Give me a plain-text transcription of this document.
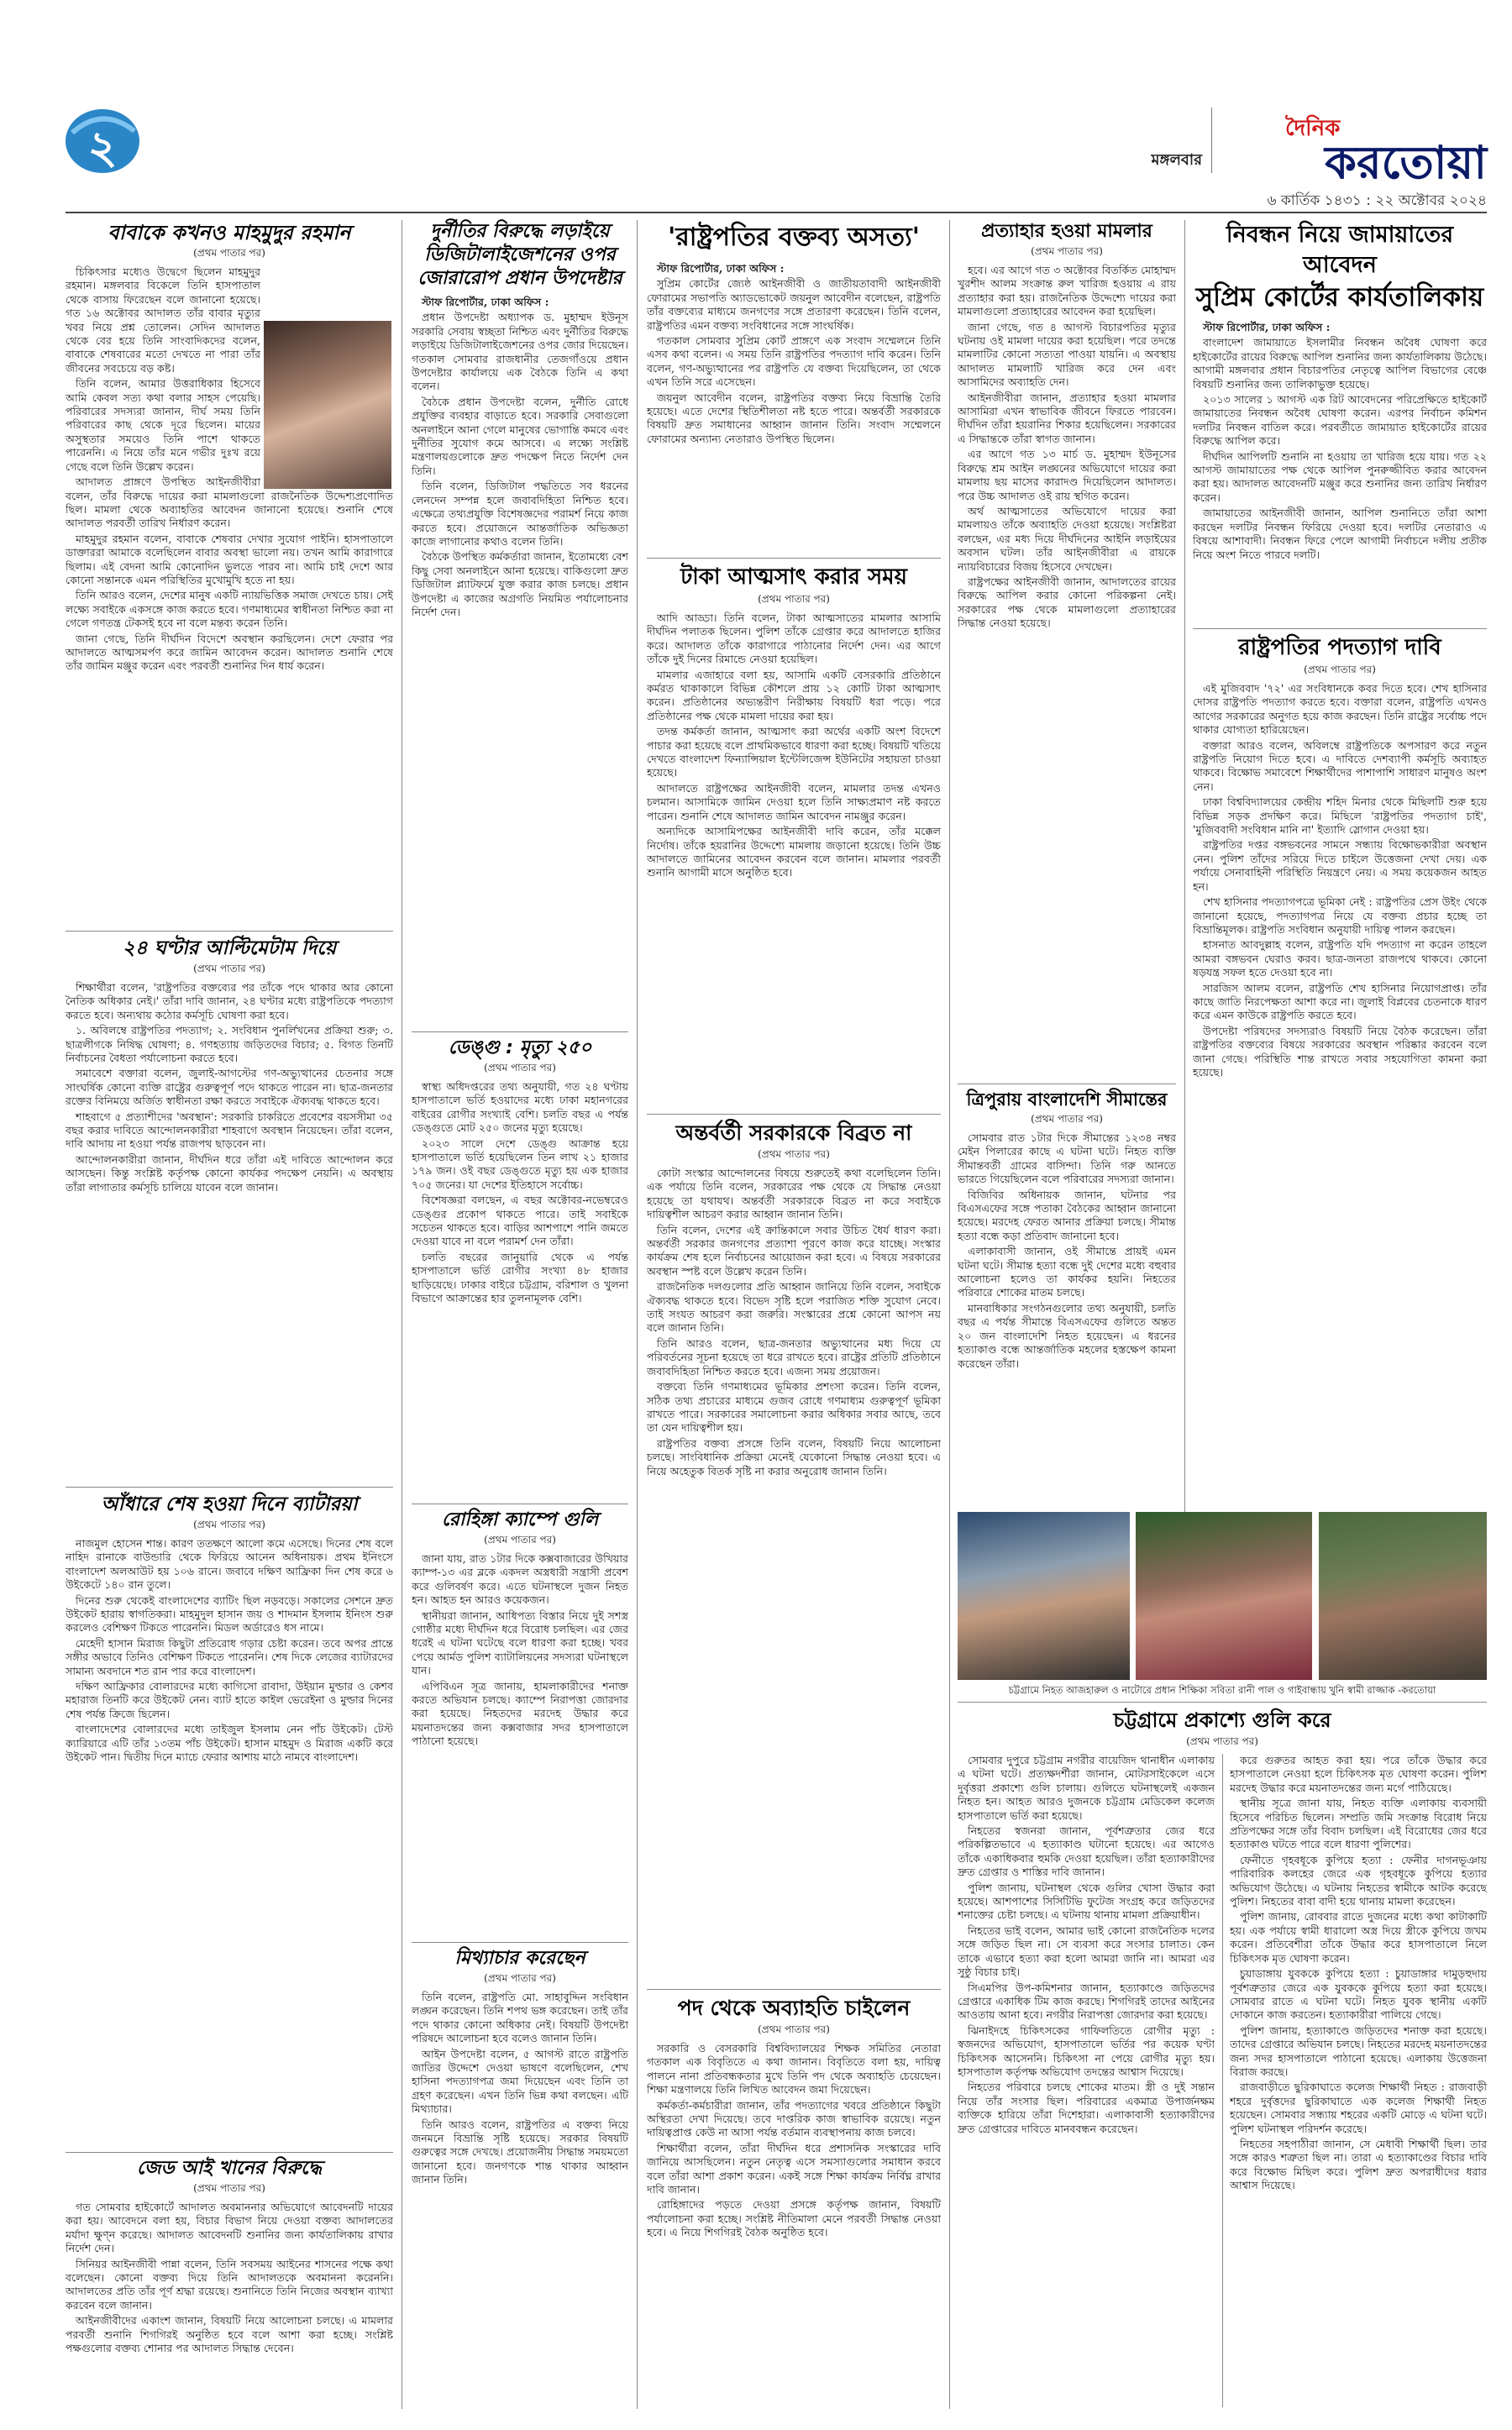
২	মঙ্গলবার
দৈনিক
করতোয়া
৬ কার্তিক ১৪৩১ : ২২ অক্টোবর ২০২৪
বাবাকে কখনও মাহমুদুর রহমান
(প্রথম পাতার পর)

চিকিৎসার মধ্যেও উদ্বেগে ছিলেন মাহমুদুর রহমান। মঙ্গলবার বিকেলে তিনি হাসপাতাল থেকে বাসায় ফিরেছেন বলে জানানো হয়েছে। গত ১৬ অক্টোবর আদালত তাঁর বাবার মৃত্যুর খবর নিয়ে প্রশ্ন তোলেন। সেদিন আদালত থেকে বের হয়ে তিনি সাংবাদিকদের বলেন, বাবাকে শেষবারের মতো দেখতে না পারা তাঁর জীবনের সবচেয়ে বড় কষ্ট।

তিনি বলেন, আমার উত্তরাধিকার হিসেবে আমি কেবল সত্য কথা বলার সাহস পেয়েছি। পরিবারের সদস্যরা জানান, দীর্ঘ সময় তিনি পরিবারের কাছ থেকে দূরে ছিলেন। মায়ের অসুস্থতার সময়েও তিনি পাশে থাকতে পারেননি। এ নিয়ে তাঁর মনে গভীর দুঃখ রয়ে গেছে বলে তিনি উল্লেখ করেন।

আদালত প্রাঙ্গণে উপস্থিত আইনজীবীরা বলেন, তাঁর বিরুদ্ধে দায়ের করা মামলাগুলো রাজনৈতিক উদ্দেশ্যপ্রণোদিত ছিল। মামলা থেকে অব্যাহতির আবেদন জানানো হয়েছে। শুনানি শেষে আদালত পরবর্তী তারিখ নির্ধারণ করেন।

মাহমুদুর রহমান বলেন, বাবাকে শেষবার দেখার সুযোগ পাইনি। হাসপাতালে ডাক্তাররা আমাকে বলেছিলেন বাবার অবস্থা ভালো নয়। তখন আমি কারাগারে ছিলাম। এই বেদনা আমি কোনোদিন ভুলতে পারব না। আমি চাই দেশে আর কোনো সন্তানকে এমন পরিস্থিতির মুখোমুখি হতে না হয়।

তিনি আরও বলেন, দেশের মানুষ একটি ন্যায়ভিত্তিক সমাজ দেখতে চায়। সেই লক্ষ্যে সবাইকে একসঙ্গে কাজ করতে হবে। গণমাধ্যমের স্বাধীনতা নিশ্চিত করা না গেলে গণতন্ত্র টেকসই হবে না বলে মন্তব্য করেন তিনি।

জানা গেছে, তিনি দীর্ঘদিন বিদেশে অবস্থান করছিলেন। দেশে ফেরার পর আদালতে আত্মসমর্পণ করে জামিন আবেদন করেন। আদালত শুনানি শেষে তাঁর জামিন মঞ্জুর করেন এবং পরবর্তী শুনানির দিন ধার্য করেন।

২৪ ঘণ্টার আল্টিমেটাম দিয়ে
(প্রথম পাতার পর)

শিক্ষার্থীরা বলেন, 'রাষ্ট্রপতির বক্তব্যের পর তাঁকে পদে থাকার আর কোনো নৈতিক অধিকার নেই।' তাঁরা দাবি জানান, ২৪ ঘণ্টার মধ্যে রাষ্ট্রপতিকে পদত্যাগ করতে হবে। অন্যথায় কঠোর কর্মসূচি ঘোষণা করা হবে।

১. অবিলম্বে রাষ্ট্রপতির পদত্যাগ; ২. সংবিধান পুনর্লিখনের প্রক্রিয়া শুরু; ৩. ছাত্রলীগকে নিষিদ্ধ ঘোষণা; ৪. গণহত্যায় জড়িতদের বিচার; ৫. বিগত তিনটি নির্বাচনের বৈধতা পর্যালোচনা করতে হবে।

সমাবেশে বক্তারা বলেন, জুলাই-আগস্টের গণ-অভ্যুত্থানের চেতনার সঙ্গে সাংঘর্ষিক কোনো ব্যক্তি রাষ্ট্রের গুরুত্বপূর্ণ পদে থাকতে পারেন না। ছাত্র-জনতার রক্তের বিনিময়ে অর্জিত স্বাধীনতা রক্ষা করতে সবাইকে ঐক্যবদ্ধ থাকতে হবে।

শাহবাগে ৫ প্রত্যাশীদের 'অবস্থান': সরকারি চাকরিতে প্রবেশের বয়সসীমা ৩৫ বছর করার দাবিতে আন্দোলনকারীরা শাহবাগে অবস্থান নিয়েছেন। তাঁরা বলেন, দাবি আদায় না হওয়া পর্যন্ত রাজপথ ছাড়বেন না।

আন্দোলনকারীরা জানান, দীর্ঘদিন ধরে তাঁরা এই দাবিতে আন্দোলন করে আসছেন। কিন্তু সংশ্লিষ্ট কর্তৃপক্ষ কোনো কার্যকর পদক্ষেপ নেয়নি। এ অবস্থায় তাঁরা লাগাতার কর্মসূচি চালিয়ে যাবেন বলে জানান।

আঁধারে শেষ হওয়া দিনে ব্যাটারয়া
(প্রথম পাতার পর)

নাজমুল হোসেন শান্ত। কারণ ততক্ষণে আলো কমে এসেছে। দিনের শেষ বলে নাহিদ রানাকে বাউন্ডারি থেকে ফিরিয়ে আনেন অধিনায়ক। প্রথম ইনিংসে বাংলাদেশ অলআউট হয় ১০৬ রানে। জবাবে দক্ষিণ আফ্রিকা দিন শেষ করে ৬ উইকেটে ১৪০ রান তুলে।

দিনের শুরু থেকেই বাংলাদেশের ব্যাটিং ছিল নড়বড়ে। সকালের সেশনে দ্রুত উইকেট হারায় স্বাগতিকরা। মাহমুদুল হাসান জয় ও শাদমান ইসলাম ইনিংস শুরু করলেও বেশিক্ষণ টিকতে পারেননি। মিডল অর্ডারেও ধস নামে।

মেহেদী হাসান মিরাজ কিছুটা প্রতিরোধ গড়ার চেষ্টা করেন। তবে অপর প্রান্তে সঙ্গীর অভাবে তিনিও বেশিক্ষণ টিকতে পারেননি। শেষ দিকে লেজের ব্যাটারদের সামান্য অবদানে শত রান পার করে বাংলাদেশ।

দক্ষিণ আফ্রিকার বোলারদের মধ্যে কাগিসো রাবাদা, উইয়ান মুল্ডার ও কেশব মহারাজ তিনটি করে উইকেট নেন। ব্যাট হাতে কাইল ভেরেইনা ও মুল্ডার দিনের শেষ পর্যন্ত ক্রিজে ছিলেন।

বাংলাদেশের বোলারদের মধ্যে তাইজুল ইসলাম নেন পাঁচ উইকেট। টেস্ট ক্যারিয়ারে এটি তাঁর ১৩তম পাঁচ উইকেট। হাসান মাহমুদ ও মিরাজ একটি করে উইকেট পান। দ্বিতীয় দিনে ম্যাচে ফেরার আশায় মাঠে নামবে বাংলাদেশ।

জেড আই খানের বিরুদ্ধে
(প্রথম পাতার পর)

গত সোমবার হাইকোর্টে আদালত অবমাননার অভিযোগে আবেদনটি দায়ের করা হয়। আবেদনে বলা হয়, বিচার বিভাগ নিয়ে দেওয়া বক্তব্য আদালতের মর্যাদা ক্ষুণ্ন করেছে। আদালত আবেদনটি শুনানির জন্য কার্যতালিকায় রাখার নির্দেশ দেন।

সিনিয়র আইনজীবী পান্না বলেন, তিনি সবসময় আইনের শাসনের পক্ষে কথা বলেছেন। কোনো বক্তব্য দিয়ে তিনি আদালতকে অবমাননা করেননি। আদালতের প্রতি তাঁর পূর্ণ শ্রদ্ধা রয়েছে। শুনানিতে তিনি নিজের অবস্থান ব্যাখ্যা করবেন বলে জানান।

আইনজীবীদের একাংশ জানান, বিষয়টি নিয়ে আলোচনা চলছে। এ মামলার পরবর্তী শুনানি শিগগিরই অনুষ্ঠিত হবে বলে আশা করা হচ্ছে। সংশ্লিষ্ট পক্ষগুলোর বক্তব্য শোনার পর আদালত সিদ্ধান্ত দেবেন।

দুর্নীতির বিরুদ্ধে লড়াইয়ে ডিজিটালাইজেশনের ওপর জোরারোপ প্রধান উপদেষ্টার

স্টাফ রিপোর্টার, ঢাকা অফিস :

প্রধান উপদেষ্টা অধ্যাপক ড. মুহাম্মদ ইউনূস সরকারি সেবায় স্বচ্ছতা নিশ্চিত এবং দুর্নীতির বিরুদ্ধে লড়াইয়ে ডিজিটালাইজেশনের ওপর জোর দিয়েছেন। গতকাল সোমবার রাজধানীর তেজগাঁওয়ে প্রধান উপদেষ্টার কার্যালয়ে এক বৈঠকে তিনি এ কথা বলেন।

বৈঠকে প্রধান উপদেষ্টা বলেন, দুর্নীতি রোধে প্রযুক্তির ব্যবহার বাড়াতে হবে। সরকারি সেবাগুলো অনলাইনে আনা গেলে মানুষের ভোগান্তি কমবে এবং দুর্নীতির সুযোগ কমে আসবে। এ লক্ষ্যে সংশ্লিষ্ট মন্ত্রণালয়গুলোকে দ্রুত পদক্ষেপ নিতে নির্দেশ দেন তিনি।

তিনি বলেন, ডিজিটাল পদ্ধতিতে সব ধরনের লেনদেন সম্পন্ন হলে জবাবদিহিতা নিশ্চিত হবে। এক্ষেত্রে তথ্যপ্রযুক্তি বিশেষজ্ঞদের পরামর্শ নিয়ে কাজ করতে হবে। প্রয়োজনে আন্তর্জাতিক অভিজ্ঞতা কাজে লাগানোর কথাও বলেন তিনি।

বৈঠকে উপস্থিত কর্মকর্তারা জানান, ইতোমধ্যে বেশ কিছু সেবা অনলাইনে আনা হয়েছে। বাকিগুলো দ্রুত ডিজিটাল প্ল্যাটফর্মে যুক্ত করার কাজ চলছে। প্রধান উপদেষ্টা এ কাজের অগ্রগতি নিয়মিত পর্যালোচনার নির্দেশ দেন।

ডেঙ্গু : মৃত্যু ২৫০
(প্রথম পাতার পর)

স্বাস্থ্য অধিদপ্তরের তথ্য অনুযায়ী, গত ২৪ ঘণ্টায় হাসপাতালে ভর্তি হওয়াদের মধ্যে ঢাকা মহানগরের বাইরের রোগীর সংখ্যাই বেশি। চলতি বছর এ পর্যন্ত ডেঙ্গুতে মোট ২৫০ জনের মৃত্যু হয়েছে।

২০২৩ সালে দেশে ডেঙ্গু আক্রান্ত হয়ে হাসপাতালে ভর্তি হয়েছিলেন তিন লাখ ২১ হাজার ১৭৯ জন। ওই বছর ডেঙ্গুতে মৃত্যু হয় এক হাজার ৭০৫ জনের। যা দেশের ইতিহাসে সর্বোচ্চ।

বিশেষজ্ঞরা বলছেন, এ বছর অক্টোবর-নভেম্বরেও ডেঙ্গুর প্রকোপ থাকতে পারে। তাই সবাইকে সচেতন থাকতে হবে। বাড়ির আশপাশে পানি জমতে দেওয়া যাবে না বলে পরামর্শ দেন তাঁরা।

চলতি বছরের জানুয়ারি থেকে এ পর্যন্ত হাসপাতালে ভর্তি রোগীর সংখ্যা ৪৮ হাজার ছাড়িয়েছে। ঢাকার বাইরে চট্টগ্রাম, বরিশাল ও খুলনা বিভাগে আক্রান্তের হার তুলনামূলক বেশি।

রোহিঙ্গা ক্যাম্পে গুলি
(প্রথম পাতার পর)

জানা যায়, রাত ১টার দিকে কক্সবাজারের উখিয়ার ক্যাম্প-১৩ এর ব্লকে একদল অস্ত্রধারী সন্ত্রাসী প্রবেশ করে গুলিবর্ষণ করে। এতে ঘটনাস্থলে দুজন নিহত হন। আহত হন আরও কয়েকজন।

স্থানীয়রা জানান, আধিপত্য বিস্তার নিয়ে দুই সশস্ত্র গোষ্ঠীর মধ্যে দীর্ঘদিন ধরে বিরোধ চলছিল। এর জের ধরেই এ ঘটনা ঘটেছে বলে ধারণা করা হচ্ছে। খবর পেয়ে আর্মড পুলিশ ব্যাটালিয়নের সদস্যরা ঘটনাস্থলে যান।

এপিবিএন সূত্র জানায়, হামলাকারীদের শনাক্ত করতে অভিযান চলছে। ক্যাম্পে নিরাপত্তা জোরদার করা হয়েছে। নিহতদের মরদেহ উদ্ধার করে ময়নাতদন্তের জন্য কক্সবাজার সদর হাসপাতালে পাঠানো হয়েছে।

মিথ্যাচার করেছেন
(প্রথম পাতার পর)

তিনি বলেন, রাষ্ট্রপতি মো. সাহাবুদ্দিন সংবিধান লঙ্ঘন করেছেন। তিনি শপথ ভঙ্গ করেছেন। তাই তাঁর পদে থাকার কোনো অধিকার নেই। বিষয়টি উপদেষ্টা পরিষদে আলোচনা হবে বলেও জানান তিনি।

আইন উপদেষ্টা বলেন, ৫ আগস্ট রাতে রাষ্ট্রপতি জাতির উদ্দেশে দেওয়া ভাষণে বলেছিলেন, শেখ হাসিনা পদত্যাগপত্র জমা দিয়েছেন এবং তিনি তা গ্রহণ করেছেন। এখন তিনি ভিন্ন কথা বলছেন। এটি মিথ্যাচার।

তিনি আরও বলেন, রাষ্ট্রপতির এ বক্তব্য নিয়ে জনমনে বিভ্রান্তি সৃষ্টি হয়েছে। সরকার বিষয়টি গুরুত্বের সঙ্গে দেখছে। প্রয়োজনীয় সিদ্ধান্ত সময়মতো জানানো হবে। জনগণকে শান্ত থাকার আহ্বান জানান তিনি।

'রাষ্ট্রপতির বক্তব্য অসত্য'

স্টাফ রিপোর্টার, ঢাকা অফিস :

সুপ্রিম কোর্টের জ্যেষ্ঠ আইনজীবী ও জাতীয়তাবাদী আইনজীবী ফোরামের সভাপতি অ্যাডভোকেট জয়নুল আবেদীন বলেছেন, রাষ্ট্রপতি তাঁর বক্তব্যের মাধ্যমে জনগণের সঙ্গে প্রতারণা করেছেন। তিনি বলেন, রাষ্ট্রপতির এমন বক্তব্য সংবিধানের সঙ্গে সাংঘর্ষিক।

গতকাল সোমবার সুপ্রিম কোর্ট প্রাঙ্গণে এক সংবাদ সম্মেলনে তিনি এসব কথা বলেন। এ সময় তিনি রাষ্ট্রপতির পদত্যাগ দাবি করেন। তিনি বলেন, গণ-অভ্যুত্থানের পর রাষ্ট্রপতি যে বক্তব্য দিয়েছিলেন, তা থেকে এখন তিনি সরে এসেছেন।

জয়নুল আবেদীন বলেন, রাষ্ট্রপতির বক্তব্য নিয়ে বিভ্রান্তি তৈরি হয়েছে। এতে দেশের স্থিতিশীলতা নষ্ট হতে পারে। অন্তর্বর্তী সরকারকে বিষয়টি দ্রুত সমাধানের আহ্বান জানান তিনি। সংবাদ সম্মেলনে ফোরামের অন্যান্য নেতারাও উপস্থিত ছিলেন।

টাকা আত্মসাৎ করার সময়
(প্রথম পাতার পর)

আদি আড্ডা। তিনি বলেন, টাকা আত্মসাতের মামলার আসামি দীর্ঘদিন পলাতক ছিলেন। পুলিশ তাঁকে গ্রেপ্তার করে আদালতে হাজির করে। আদালত তাঁকে কারাগারে পাঠানোর নির্দেশ দেন। এর আগে তাঁকে দুই দিনের রিমান্ডে নেওয়া হয়েছিল।

মামলার এজাহারে বলা হয়, আসামি একটি বেসরকারি প্রতিষ্ঠানে কর্মরত থাকাকালে বিভিন্ন কৌশলে প্রায় ১২ কোটি টাকা আত্মসাৎ করেন। প্রতিষ্ঠানের অভ্যন্তরীণ নিরীক্ষায় বিষয়টি ধরা পড়ে। পরে প্রতিষ্ঠানের পক্ষ থেকে মামলা দায়ের করা হয়।

তদন্ত কর্মকর্তা জানান, আত্মসাৎ করা অর্থের একটি অংশ বিদেশে পাচার করা হয়েছে বলে প্রাথমিকভাবে ধারণা করা হচ্ছে। বিষয়টি খতিয়ে দেখতে বাংলাদেশ ফিন্যান্সিয়াল ইন্টেলিজেন্স ইউনিটের সহায়তা চাওয়া হয়েছে।

আদালতে রাষ্ট্রপক্ষের আইনজীবী বলেন, মামলার তদন্ত এখনও চলমান। আসামিকে জামিন দেওয়া হলে তিনি সাক্ষ্যপ্রমাণ নষ্ট করতে পারেন। শুনানি শেষে আদালত জামিন আবেদন নামঞ্জুর করেন।

অন্যদিকে আসামিপক্ষের আইনজীবী দাবি করেন, তাঁর মক্কেল নির্দোষ। তাঁকে হয়রানির উদ্দেশ্যে মামলায় জড়ানো হয়েছে। তিনি উচ্চ আদালতে জামিনের আবেদন করবেন বলে জানান। মামলার পরবর্তী শুনানি আগামী মাসে অনুষ্ঠিত হবে।

অন্তর্বর্তী সরকারকে বিব্রত না
(প্রথম পাতার পর)

কোটা সংস্কার আন্দোলনের বিষয়ে শুরুতেই কথা বলেছিলেন তিনি। এক পর্যায়ে তিনি বলেন, সরকারের পক্ষ থেকে যে সিদ্ধান্ত নেওয়া হয়েছে তা যথাযথ। অন্তর্বর্তী সরকারকে বিব্রত না করে সবাইকে দায়িত্বশীল আচরণ করার আহ্বান জানান তিনি।

তিনি বলেন, দেশের এই ক্রান্তিকালে সবার উচিত ধৈর্য ধারণ করা। অন্তর্বর্তী সরকার জনগণের প্রত্যাশা পূরণে কাজ করে যাচ্ছে। সংস্কার কার্যক্রম শেষ হলে নির্বাচনের আয়োজন করা হবে। এ বিষয়ে সরকারের অবস্থান স্পষ্ট বলে উল্লেখ করেন তিনি।

রাজনৈতিক দলগুলোর প্রতি আহ্বান জানিয়ে তিনি বলেন, সবাইকে ঐক্যবদ্ধ থাকতে হবে। বিভেদ সৃষ্টি হলে পরাজিত শক্তি সুযোগ নেবে। তাই সংযত আচরণ করা জরুরি। সংস্কারের প্রশ্নে কোনো আপস নয় বলে জানান তিনি।

তিনি আরও বলেন, ছাত্র-জনতার অভ্যুত্থানের মধ্য দিয়ে যে পরিবর্তনের সূচনা হয়েছে তা ধরে রাখতে হবে। রাষ্ট্রের প্রতিটি প্রতিষ্ঠানে জবাবদিহিতা নিশ্চিত করতে হবে। এজন্য সময় প্রয়োজন।

বক্তব্যে তিনি গণমাধ্যমের ভূমিকার প্রশংসা করেন। তিনি বলেন, সঠিক তথ্য প্রচারের মাধ্যমে গুজব রোধে গণমাধ্যম গুরুত্বপূর্ণ ভূমিকা রাখতে পারে। সরকারের সমালোচনা করার অধিকার সবার আছে, তবে তা যেন দায়িত্বশীল হয়।

রাষ্ট্রপতির বক্তব্য প্রসঙ্গে তিনি বলেন, বিষয়টি নিয়ে আলোচনা চলছে। সাংবিধানিক প্রক্রিয়া মেনেই যেকোনো সিদ্ধান্ত নেওয়া হবে। এ নিয়ে অহেতুক বিতর্ক সৃষ্টি না করার অনুরোধ জানান তিনি।

পদ থেকে অব্যাহতি চাইলেন
(প্রথম পাতার পর)

সরকারি ও বেসরকারি বিশ্ববিদ্যালয়ের শিক্ষক সমিতির নেতারা গতকাল এক বিবৃতিতে এ কথা জানান। বিবৃতিতে বলা হয়, দায়িত্ব পালনে নানা প্রতিবন্ধকতার মুখে তিনি পদ থেকে অব্যাহতি চেয়েছেন। শিক্ষা মন্ত্রণালয়ে তিনি লিখিত আবেদন জমা দিয়েছেন।

কর্মকর্তা-কর্মচারীরা জানান, তাঁর পদত্যাগের খবরে প্রতিষ্ঠানে কিছুটা অস্থিরতা দেখা দিয়েছে। তবে দাপ্তরিক কাজ স্বাভাবিক রয়েছে। নতুন দায়িত্বপ্রাপ্ত কেউ না আসা পর্যন্ত বর্তমান ব্যবস্থাপনায় কাজ চলবে।

শিক্ষার্থীরা বলেন, তাঁরা দীর্ঘদিন ধরে প্রশাসনিক সংস্কারের দাবি জানিয়ে আসছিলেন। নতুন নেতৃত্ব এসে সমস্যাগুলোর সমাধান করবে বলে তাঁরা আশা প্রকাশ করেন। একই সঙ্গে শিক্ষা কার্যক্রম নির্বিঘ্ন রাখার দাবি জানান।

রোহিঙ্গাদের পড়তে দেওয়া প্রসঙ্গে কর্তৃপক্ষ জানান, বিষয়টি পর্যালোচনা করা হচ্ছে। সংশ্লিষ্ট নীতিমালা মেনে পরবর্তী সিদ্ধান্ত নেওয়া হবে। এ নিয়ে শিগগিরই বৈঠক অনুষ্ঠিত হবে।

প্রত্যাহার হওয়া মামলার
(প্রথম পাতার পর)

হবে। এর আগে গত ৩ অক্টোবর বিতর্কিত মোহাম্মদ খুরশীদ আলম সংক্রান্ত রুল খারিজ হওয়ায় এ রায় প্রত্যাহার করা হয়। রাজনৈতিক উদ্দেশ্যে দায়ের করা মামলাগুলো প্রত্যাহারের আবেদন করা হয়েছিল।

জানা গেছে, গত ৪ আগস্ট বিচারপতির মৃত্যুর ঘটনায় ওই মামলা দায়ের করা হয়েছিল। পরে তদন্তে মামলাটির কোনো সত্যতা পাওয়া যায়নি। এ অবস্থায় আদালত মামলাটি খারিজ করে দেন এবং আসামিদের অব্যাহতি দেন।

আইনজীবীরা জানান, প্রত্যাহার হওয়া মামলার আসামিরা এখন স্বাভাবিক জীবনে ফিরতে পারবেন। দীর্ঘদিন তাঁরা হয়রানির শিকার হয়েছিলেন। সরকারের এ সিদ্ধান্তকে তাঁরা স্বাগত জানান।

এর আগে গত ১৩ মার্চ ড. মুহাম্মদ ইউনূসের বিরুদ্ধে শ্রম আইন লঙ্ঘনের অভিযোগে দায়ের করা মামলায় ছয় মাসের কারাদণ্ড দিয়েছিলেন আদালত। পরে উচ্চ আদালত ওই রায় স্থগিত করেন।

অর্থ আত্মসাতের অভিযোগে দায়ের করা মামলায়ও তাঁকে অব্যাহতি দেওয়া হয়েছে। সংশ্লিষ্টরা বলছেন, এর মধ্য দিয়ে দীর্ঘদিনের আইনি লড়াইয়ের অবসান ঘটল। তাঁর আইনজীবীরা এ রায়কে ন্যায়বিচারের বিজয় হিসেবে দেখছেন।

রাষ্ট্রপক্ষের আইনজীবী জানান, আদালতের রায়ের বিরুদ্ধে আপিল করার কোনো পরিকল্পনা নেই। সরকারের পক্ষ থেকে মামলাগুলো প্রত্যাহারের সিদ্ধান্ত নেওয়া হয়েছে।

ত্রিপুরায় বাংলাদেশি সীমান্তের
(প্রথম পাতার পর)

সোমবার রাত ১টার দিকে সীমান্তের ১২৩৪ নম্বর মেইন পিলারের কাছে এ ঘটনা ঘটে। নিহত ব্যক্তি সীমান্তবর্তী গ্রামের বাসিন্দা। তিনি গরু আনতে ভারতে গিয়েছিলেন বলে পরিবারের সদস্যরা জানান।

বিজিবির অধিনায়ক জানান, ঘটনার পর বিএসএফের সঙ্গে পতাকা বৈঠকের আহ্বান জানানো হয়েছে। মরদেহ ফেরত আনার প্রক্রিয়া চলছে। সীমান্ত হত্যা বন্ধে কড়া প্রতিবাদ জানানো হবে।

এলাকাবাসী জানান, ওই সীমান্তে প্রায়ই এমন ঘটনা ঘটে। সীমান্ত হত্যা বন্ধে দুই দেশের মধ্যে বহুবার আলোচনা হলেও তা কার্যকর হয়নি। নিহতের পরিবারে শোকের মাতম চলছে।

মানবাধিকার সংগঠনগুলোর তথ্য অনুযায়ী, চলতি বছর এ পর্যন্ত সীমান্তে বিএসএফের গুলিতে অন্তত ২০ জন বাংলাদেশি নিহত হয়েছেন। এ ধরনের হত্যাকাণ্ড বন্ধে আন্তর্জাতিক মহলের হস্তক্ষেপ কামনা করেছেন তাঁরা।

নিবন্ধন নিয়ে জামায়াতের আবেদন
সুপ্রিম কোর্টের কার্যতালিকায়

স্টাফ রিপোর্টার, ঢাকা অফিস :

বাংলাদেশ জামায়াতে ইসলামীর নিবন্ধন অবৈধ ঘোষণা করে হাইকোর্টের রায়ের বিরুদ্ধে আপিল শুনানির জন্য কার্যতালিকায় উঠেছে। আগামী মঙ্গলবার প্রধান বিচারপতির নেতৃত্বে আপিল বিভাগের বেঞ্চে বিষয়টি শুনানির জন্য তালিকাভুক্ত হয়েছে।

২০১৩ সালের ১ আগস্ট এক রিট আবেদনের পরিপ্রেক্ষিতে হাইকোর্ট জামায়াতের নিবন্ধন অবৈধ ঘোষণা করেন। এরপর নির্বাচন কমিশন দলটির নিবন্ধন বাতিল করে। পরবর্তীতে জামায়াত হাইকোর্টের রায়ের বিরুদ্ধে আপিল করে।

দীর্ঘদিন আপিলটি শুনানি না হওয়ায় তা খারিজ হয়ে যায়। গত ২২ আগস্ট জামায়াতের পক্ষ থেকে আপিল পুনরুজ্জীবিত করার আবেদন করা হয়। আদালত আবেদনটি মঞ্জুর করে শুনানির জন্য তারিখ নির্ধারণ করেন।

জামায়াতের আইনজীবী জানান, আপিল শুনানিতে তাঁরা আশা করছেন দলটির নিবন্ধন ফিরিয়ে দেওয়া হবে। দলটির নেতারাও এ বিষয়ে আশাবাদী। নিবন্ধন ফিরে পেলে আগামী নির্বাচনে দলীয় প্রতীক নিয়ে অংশ নিতে পারবে দলটি।

রাষ্ট্রপতির পদত্যাগ দাবি
(প্রথম পাতার পর)

এই মুজিববাদ '৭২' এর সংবিধানকে কবর দিতে হবে। শেখ হাসিনার দোসর রাষ্ট্রপতি পদত্যাগ করতে হবে। বক্তারা বলেন, রাষ্ট্রপতি এখনও আগের সরকারের অনুগত হয়ে কাজ করছেন। তিনি রাষ্ট্রের সর্বোচ্চ পদে থাকার যোগ্যতা হারিয়েছেন।

বক্তারা আরও বলেন, অবিলম্বে রাষ্ট্রপতিকে অপসারণ করে নতুন রাষ্ট্রপতি নিয়োগ দিতে হবে। এ দাবিতে দেশব্যাপী কর্মসূচি অব্যাহত থাকবে। বিক্ষোভ সমাবেশে শিক্ষার্থীদের পাশাপাশি সাধারণ মানুষও অংশ নেন।

ঢাকা বিশ্ববিদ্যালয়ের কেন্দ্রীয় শহিদ মিনার থেকে মিছিলটি শুরু হয়ে বিভিন্ন সড়ক প্রদক্ষিণ করে। মিছিলে 'রাষ্ট্রপতির পদত্যাগ চাই', 'মুজিববাদী সংবিধান মানি না' ইত্যাদি স্লোগান দেওয়া হয়।

রাষ্ট্রপতির দপ্তর বঙ্গভবনের সামনে সন্ধ্যায় বিক্ষোভকারীরা অবস্থান নেন। পুলিশ তাঁদের সরিয়ে দিতে চাইলে উত্তেজনা দেখা দেয়। এক পর্যায়ে সেনাবাহিনী পরিস্থিতি নিয়ন্ত্রণে নেয়। এ সময় কয়েকজন আহত হন।

শেখ হাসিনার পদত্যাগপত্রে ভূমিকা নেই : রাষ্ট্রপতির প্রেস উইং থেকে জানানো হয়েছে, পদত্যাগপত্র নিয়ে যে বক্তব্য প্রচার হচ্ছে তা বিভ্রান্তিমূলক। রাষ্ট্রপতি সংবিধান অনুযায়ী দায়িত্ব পালন করছেন।

হাসনাত আবদুল্লাহ বলেন, রাষ্ট্রপতি যদি পদত্যাগ না করেন তাহলে আমরা বঙ্গভবন ঘেরাও করব। ছাত্র-জনতা রাজপথে থাকবে। কোনো ষড়যন্ত্র সফল হতে দেওয়া হবে না।

সারজিস আলম বলেন, রাষ্ট্রপতি শেখ হাসিনার নিয়োগপ্রাপ্ত। তাঁর কাছে জাতি নিরপেক্ষতা আশা করে না। জুলাই বিপ্লবের চেতনাকে ধারণ করে এমন কাউকে রাষ্ট্রপতি করতে হবে।

উপদেষ্টা পরিষদের সদস্যরাও বিষয়টি নিয়ে বৈঠক করেছেন। তাঁরা রাষ্ট্রপতির বক্তব্যের বিষয়ে সরকারের অবস্থান পরিষ্কার করবেন বলে জানা গেছে। পরিস্থিতি শান্ত রাখতে সবার সহযোগিতা কামনা করা হয়েছে।

চট্টগ্রামে নিহত আজহারুল ও নাটোরে প্রধান শিক্ষিকা সবিতা রানী পাল ও গাইবান্ধায় খুনি স্বামী রাজ্জাক -করতোয়া
চট্টগ্রামে প্রকাশ্যে গুলি করে
(প্রথম পাতার পর)

সোমবার দুপুরে চট্টগ্রাম নগরীর বায়েজিদ থানাধীন এলাকায় এ ঘটনা ঘটে। প্রত্যক্ষদর্শীরা জানান, মোটরসাইকেলে এসে দুর্বৃত্তরা প্রকাশ্যে গুলি চালায়। গুলিতে ঘটনাস্থলেই একজন নিহত হন। আহত আরও দুজনকে চট্টগ্রাম মেডিকেল কলেজ হাসপাতালে ভর্তি করা হয়েছে।

নিহতের স্বজনরা জানান, পূর্বশত্রুতার জের ধরে পরিকল্পিতভাবে এ হত্যাকাণ্ড ঘটানো হয়েছে। এর আগেও তাঁকে একাধিকবার হুমকি দেওয়া হয়েছিল। তাঁরা হত্যাকারীদের দ্রুত গ্রেপ্তার ও শাস্তির দাবি জানান।

পুলিশ জানায়, ঘটনাস্থল থেকে গুলির খোসা উদ্ধার করা হয়েছে। আশপাশের সিসিটিভি ফুটেজ সংগ্রহ করে জড়িতদের শনাক্তের চেষ্টা চলছে। এ ঘটনায় থানায় মামলা প্রক্রিয়াধীন।

নিহতের ভাই বলেন, আমার ভাই কোনো রাজনৈতিক দলের সঙ্গে জড়িত ছিল না। সে ব্যবসা করে সংসার চালাত। কেন তাকে এভাবে হত্যা করা হলো আমরা জানি না। আমরা এর সুষ্ঠু বিচার চাই।

সিএমপির উপ-কমিশনার জানান, হত্যাকাণ্ডে জড়িতদের গ্রেপ্তারে একাধিক টিম কাজ করছে। শিগগিরই তাদের আইনের আওতায় আনা হবে। নগরীর নিরাপত্তা জোরদার করা হয়েছে।

ঝিনাইদহে চিকিৎসকের গাফিলতিতে রোগীর মৃত্যু : স্বজনদের অভিযোগ, হাসপাতালে ভর্তির পর কয়েক ঘণ্টা চিকিৎসক আসেননি। চিকিৎসা না পেয়ে রোগীর মৃত্যু হয়। হাসপাতাল কর্তৃপক্ষ অভিযোগ তদন্তের আশ্বাস দিয়েছে।

নিহতের পরিবারে চলছে শোকের মাতম। স্ত্রী ও দুই সন্তান নিয়ে তাঁর সংসার ছিল। পরিবারের একমাত্র উপার্জনক্ষম ব্যক্তিকে হারিয়ে তাঁরা দিশেহারা। এলাকাবাসী হত্যাকারীদের দ্রুত গ্রেপ্তারের দাবিতে মানববন্ধন করেছেন।

করে গুরুতর আহত করা হয়। পরে তাঁকে উদ্ধার করে হাসপাতালে নেওয়া হলে চিকিৎসক মৃত ঘোষণা করেন। পুলিশ মরদেহ উদ্ধার করে ময়নাতদন্তের জন্য মর্গে পাঠিয়েছে।

স্থানীয় সূত্রে জানা যায়, নিহত ব্যক্তি এলাকায় ব্যবসায়ী হিসেবে পরিচিত ছিলেন। সম্প্রতি জমি সংক্রান্ত বিরোধ নিয়ে প্রতিপক্ষের সঙ্গে তাঁর বিবাদ চলছিল। এই বিরোধের জের ধরে হত্যাকাণ্ড ঘটতে পারে বলে ধারণা পুলিশের।

ফেনীতে গৃহবধূকে কুপিয়ে হত্যা : ফেনীর দাগনভূঞায় পারিবারিক কলহের জেরে এক গৃহবধূকে কুপিয়ে হত্যার অভিযোগ উঠেছে। এ ঘটনায় নিহতের স্বামীকে আটক করেছে পুলিশ। নিহতের বাবা বাদী হয়ে থানায় মামলা করেছেন।

পুলিশ জানায়, রোববার রাতে দুজনের মধ্যে কথা কাটাকাটি হয়। এক পর্যায়ে স্বামী ধারালো অস্ত্র দিয়ে স্ত্রীকে কুপিয়ে জখম করেন। প্রতিবেশীরা তাঁকে উদ্ধার করে হাসপাতালে নিলে চিকিৎসক মৃত ঘোষণা করেন।

চুয়াডাঙ্গায় যুবককে কুপিয়ে হত্যা : চুয়াডাঙ্গার দামুড়হুদায় পূর্বশত্রুতার জেরে এক যুবককে কুপিয়ে হত্যা করা হয়েছে। সোমবার রাতে এ ঘটনা ঘটে। নিহত যুবক স্থানীয় একটি দোকানে কাজ করতেন। হত্যাকারীরা পালিয়ে গেছে।

পুলিশ জানায়, হত্যাকাণ্ডে জড়িতদের শনাক্ত করা হয়েছে। তাদের গ্রেপ্তারে অভিযান চলছে। নিহতের মরদেহ ময়নাতদন্তের জন্য সদর হাসপাতালে পাঠানো হয়েছে। এলাকায় উত্তেজনা বিরাজ করছে।

রাজবাড়ীতে ছুরিকাঘাতে কলেজ শিক্ষার্থী নিহত : রাজবাড়ী শহরে দুর্বৃত্তদের ছুরিকাঘাতে এক কলেজ শিক্ষার্থী নিহত হয়েছেন। সোমবার সন্ধ্যায় শহরের একটি মোড়ে এ ঘটনা ঘটে। পুলিশ ঘটনাস্থল পরিদর্শন করেছে।

নিহতের সহপাঠীরা জানান, সে মেধাবী শিক্ষার্থী ছিল। তার সঙ্গে কারও শত্রুতা ছিল না। তারা এ হত্যাকাণ্ডের বিচার দাবি করে বিক্ষোভ মিছিল করে। পুলিশ দ্রুত অপরাধীদের ধরার আশ্বাস দিয়েছে।
